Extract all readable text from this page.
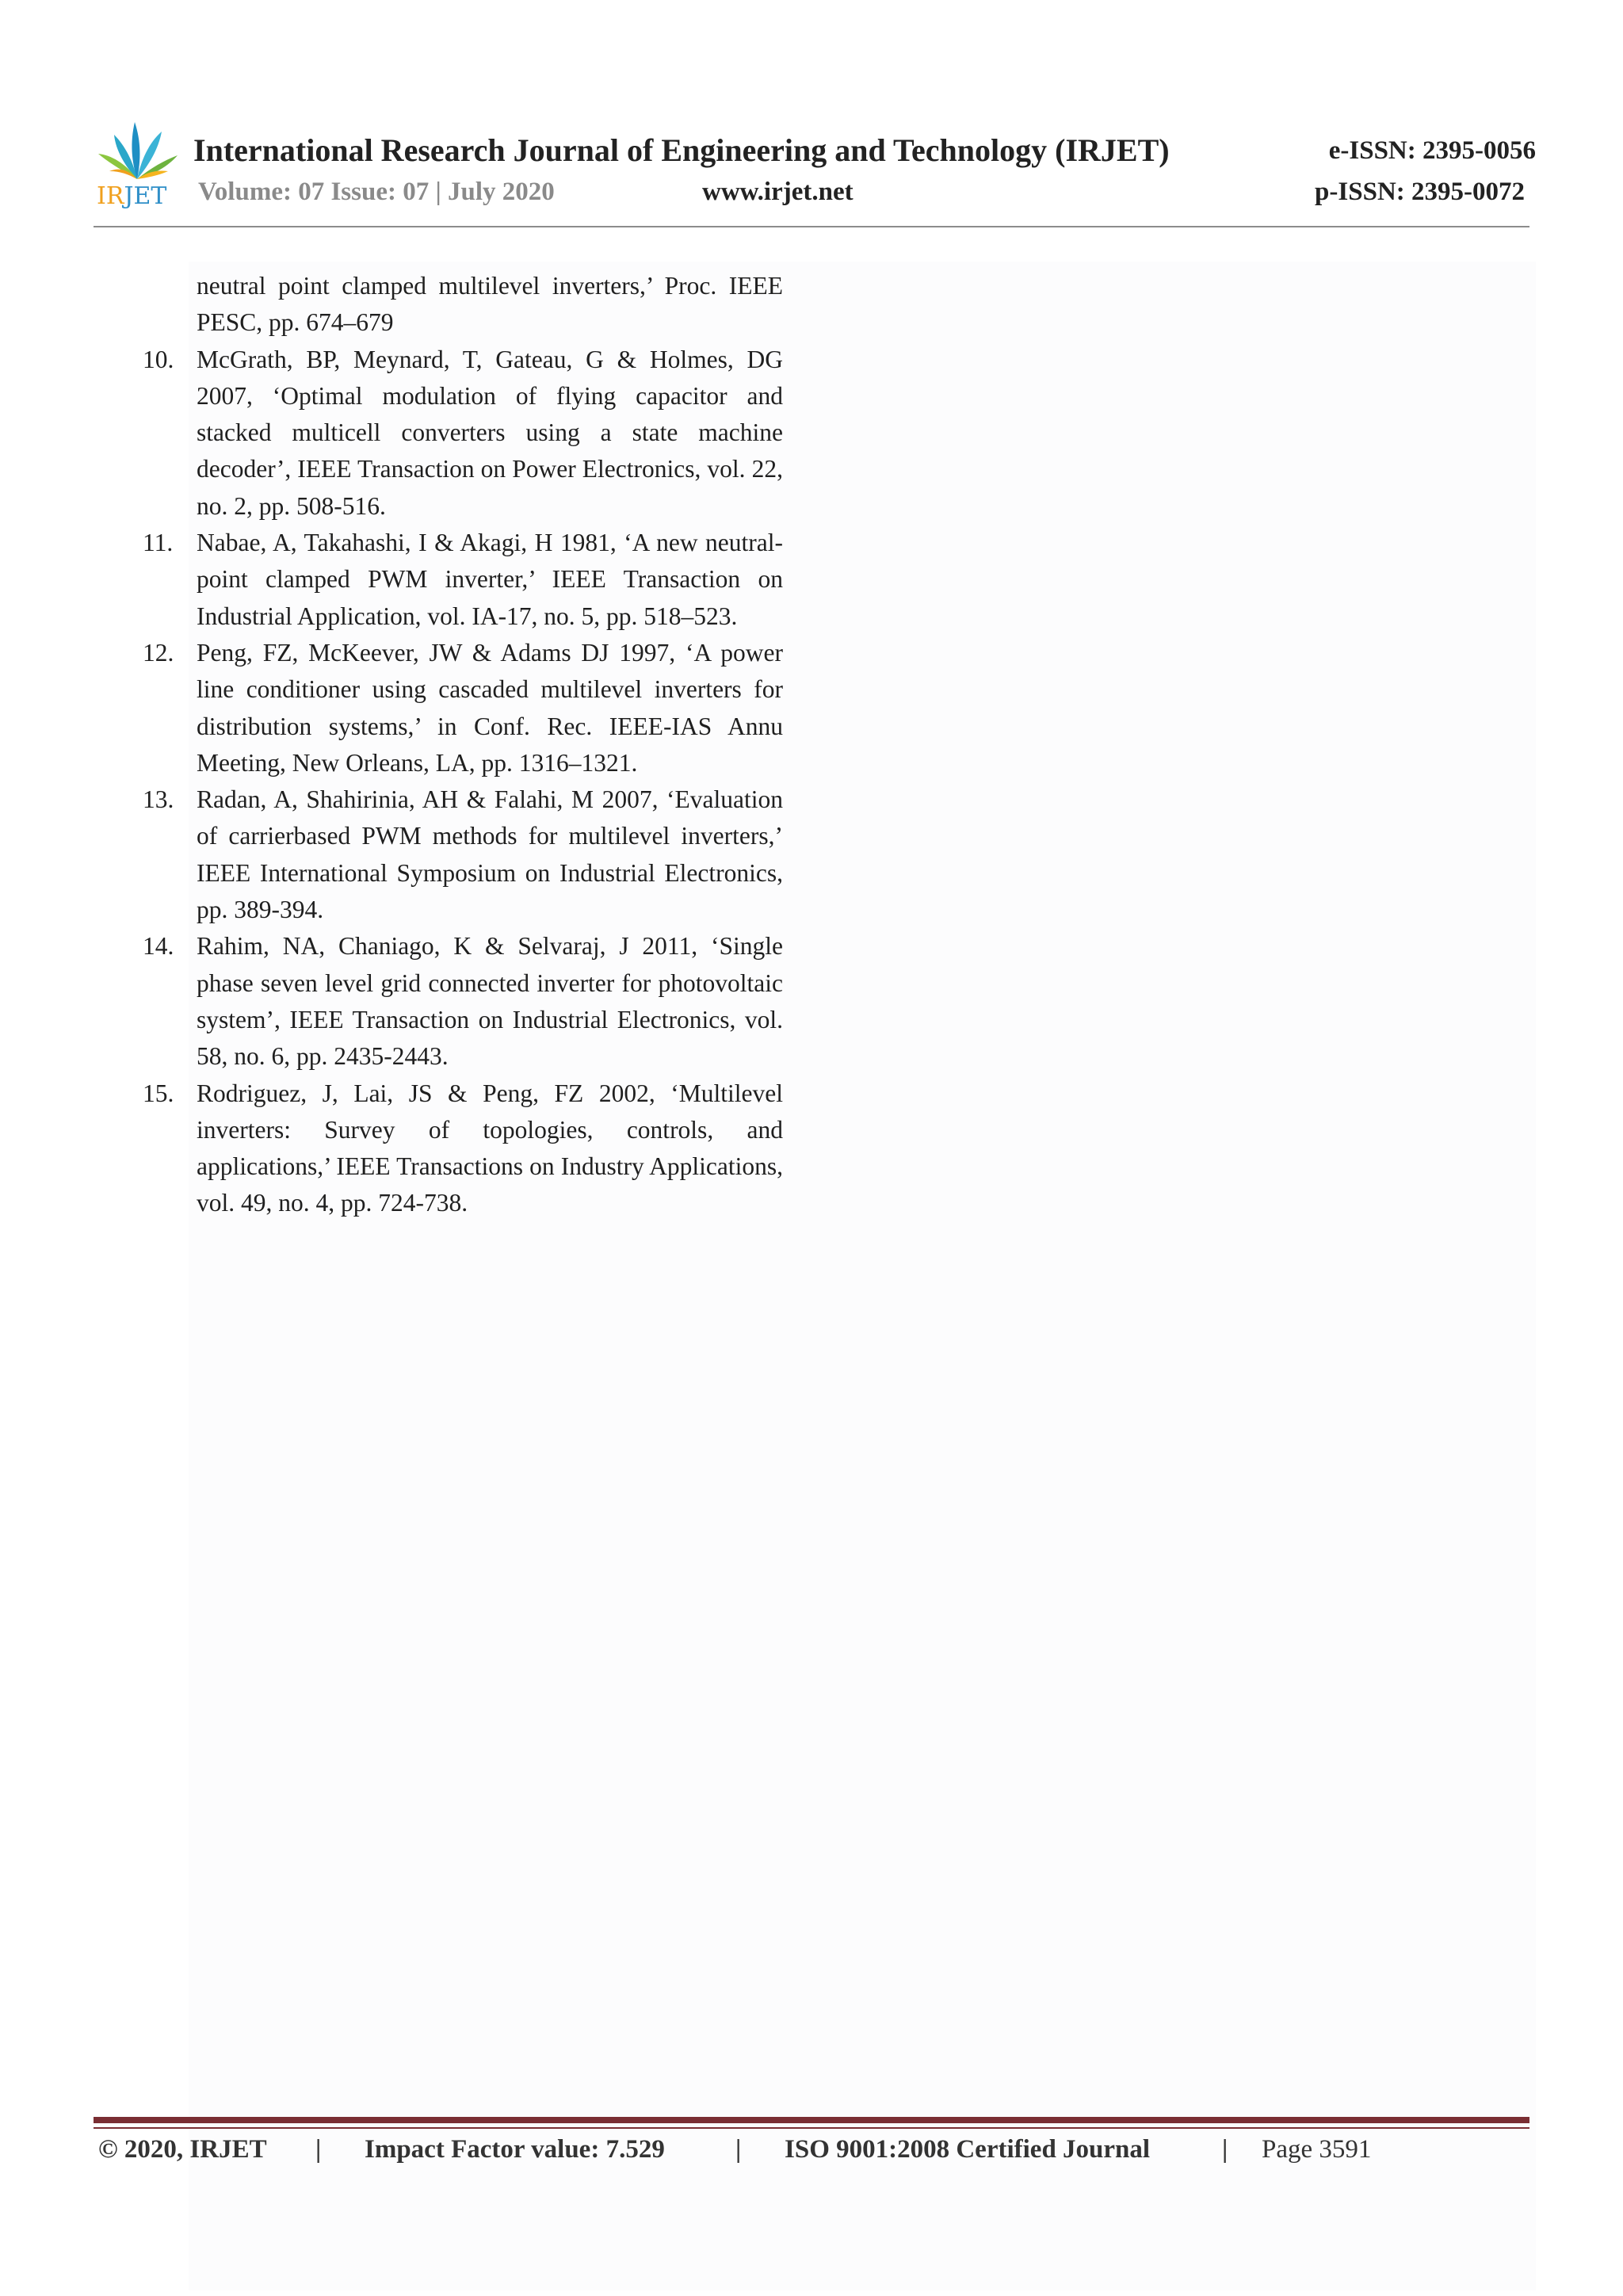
IRJET
International Research Journal of Engineering and Technology (IRJET)	e-ISSN: 2395-0056
Volume: 07 Issue: 07 | July 2020	www.irjet.net	p-ISSN: 2395-0072
neutral point clamped multilevel inverters,’ Proc. IEEE PESC, pp. 674–679
10. McGrath, BP, Meynard, T, Gateau, G & Holmes, DG 2007, ‘Optimal modulation of flying capacitor and stacked multicell converters using a state machine decoder’, IEEE Transaction on Power Electronics, vol. 22, no. 2, pp. 508-516.
11. Nabae, A, Takahashi, I & Akagi, H 1981, ‘A new neutral-point clamped PWM inverter,’ IEEE Transaction on Industrial Application, vol. IA-17, no. 5, pp. 518–523.
12. Peng, FZ, McKeever, JW & Adams DJ 1997, ‘A power line conditioner using cascaded multilevel inverters for distribution systems,’ in Conf. Rec. IEEE-IAS Annu Meeting, New Orleans, LA, pp. 1316–1321.
13. Radan, A, Shahirinia, AH & Falahi, M 2007, ‘Evaluation of carrierbased PWM methods for multilevel inverters,’ IEEE International Symposium on Industrial Electronics, pp. 389-394.
14. Rahim, NA, Chaniago, K & Selvaraj, J 2011, ‘Single phase seven level grid connected inverter for photovoltaic system’, IEEE Transaction on Industrial Electronics, vol. 58, no. 6, pp. 2435-2443.
15. Rodriguez, J, Lai, JS & Peng, FZ 2002, ‘Multilevel inverters: Survey of topologies, controls, and applications,’ IEEE Transactions on Industry Applications, vol. 49, no. 4, pp. 724-738.
© 2020, IRJET | Impact Factor value: 7.529	| ISO 9001:2008 Certified Journal	| Page 3591
